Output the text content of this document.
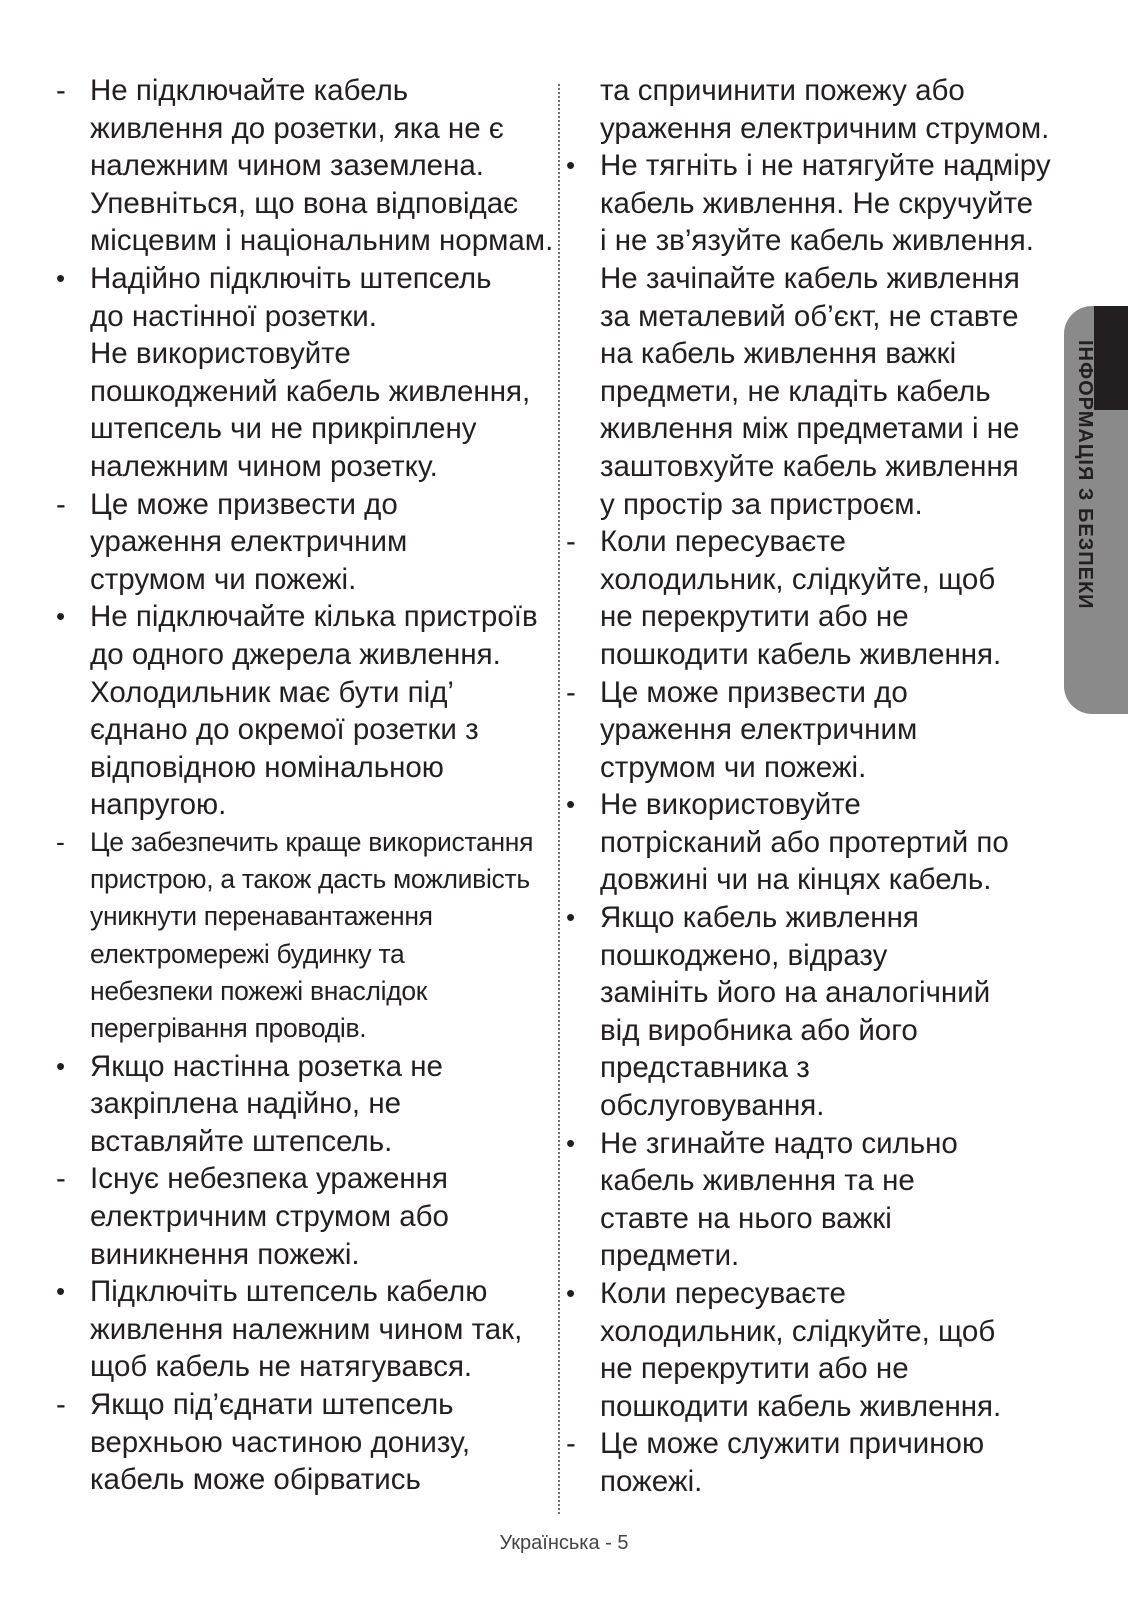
- Не підключайте кабель
живлення до розетки, яка не є
належним чином заземлена.
Упевніться, що вона відповідає
місцевим і національним нормам.
• Надійно підключіть штепсель
до настінної розетки.
Не використовуйте
пошкоджений кабель живлення,
штепсель чи не прикріплену
належним чином розетку.
- Це може призвести до
ураження електричним
струмом чи пожежі.
• Не підключайте кілька пристроїв
до одного джерела живлення.
Холодильник має бути під’
єднано до окремої розетки з
відповідною номінальною
напругою.
- Це забезпечить краще використання
пристрою, а також дасть можливість
уникнути перенавантаження
електромережі будинку та
небезпеки пожежі внаслідок
перегрівання проводів.
• Якщо настінна розетка не
закріплена надійно, не
вставляйте штепсель.
- Існує небезпека ураження
електричним струмом або
виникнення пожежі.
• Підключіть штепсель кабелю
живлення належним чином так,
щоб кабель не натягувався.
- Якщо під’єднати штепсель
верхньою частиною донизу,
кабель може обірватись
та спричинити пожежу або
ураження електричним струмом.
• Не тягніть і не натягуйте надміру
кабель живлення. Не скручуйте
і не зв’язуйте кабель живлення.
Не зачіпайте кабель живлення
за металевий об’єкт, не ставте
на кабель живлення важкі
предмети, не кладіть кабель
живлення між предметами і не
заштовхуйте кабель живлення
у простір за пристроєм.
- Коли пересуваєте
холодильник, слідкуйте, щоб
не перекрутити або не
пошкодити кабель живлення.
- Це може призвести до
ураження електричним
струмом чи пожежі.
• Не використовуйте
потрісканий або протертий по
довжині чи на кінцях кабель.
• Якщо кабель живлення
пошкоджено, відразу
замініть його на аналогічний
від виробника або його
представника з
обслуговування.
• Не згинайте надто сильно
кабель живлення та не
ставте на нього важкі
предмети.
• Коли пересуваєте
холодильник, слідкуйте, щоб
не перекрутити або не
пошкодити кабель живлення.
- Це може служити причиною
пожежі.
ІНФОРМАЦІЯ З БЕЗПЕКИ
Українська - 5
